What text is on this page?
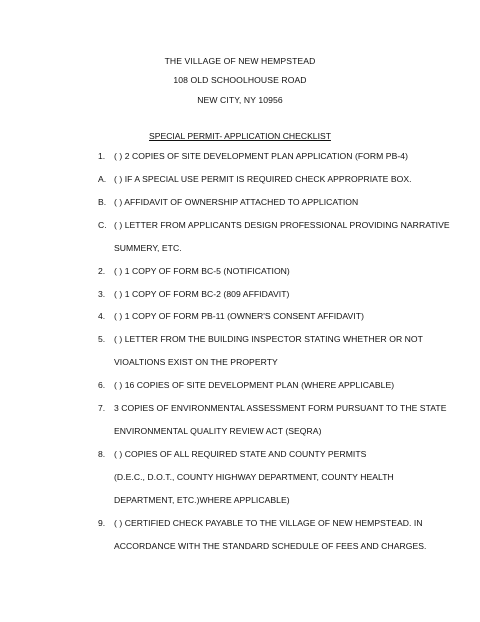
THE VILLAGE OF NEW HEMPSTEAD
108 OLD SCHOOLHOUSE ROAD
NEW CITY, NY 10956
SPECIAL PERMIT- APPLICATION CHECKLIST
1. ( ) 2 COPIES OF SITE DEVELOPMENT PLAN APPLICATION (FORM PB-4)
A. ( ) IF A SPECIAL USE PERMIT IS REQUIRED CHECK APPROPRIATE BOX.
B. ( ) AFFIDAVIT OF OWNERSHIP ATTACHED TO APPLICATION
C. ( ) LETTER FROM APPLICANTS DESIGN PROFESSIONAL PROVIDING NARRATIVE
SUMMERY, ETC.
2. ( ) 1 COPY OF FORM BC-5 (NOTIFICATION)
3. ( ) 1 COPY OF FORM BC-2 (809 AFFIDAVIT)
4. ( ) 1 COPY OF FORM PB-11 (OWNER'S CONSENT AFFIDAVIT)
5. ( ) LETTER FROM THE BUILDING INSPECTOR STATING WHETHER OR NOT
VIOALTIONS EXIST ON THE PROPERTY
6. ( ) 16 COPIES OF SITE DEVELOPMENT PLAN (WHERE APPLICABLE)
7. 3 COPIES OF ENVIRONMENTAL ASSESSMENT FORM PURSUANT TO THE STATE
ENVIRONMENTAL QUALITY REVIEW ACT (SEQRA)
8. ( ) COPIES OF ALL REQUIRED STATE AND COUNTY PERMITS
(D.E.C., D.O.T., COUNTY HIGHWAY DEPARTMENT, COUNTY HEALTH
DEPARTMENT, ETC.)WHERE APPLICABLE)
9. ( ) CERTIFIED CHECK PAYABLE TO THE VILLAGE OF NEW HEMPSTEAD. IN
ACCORDANCE WITH THE STANDARD SCHEDULE OF FEES AND CHARGES.
